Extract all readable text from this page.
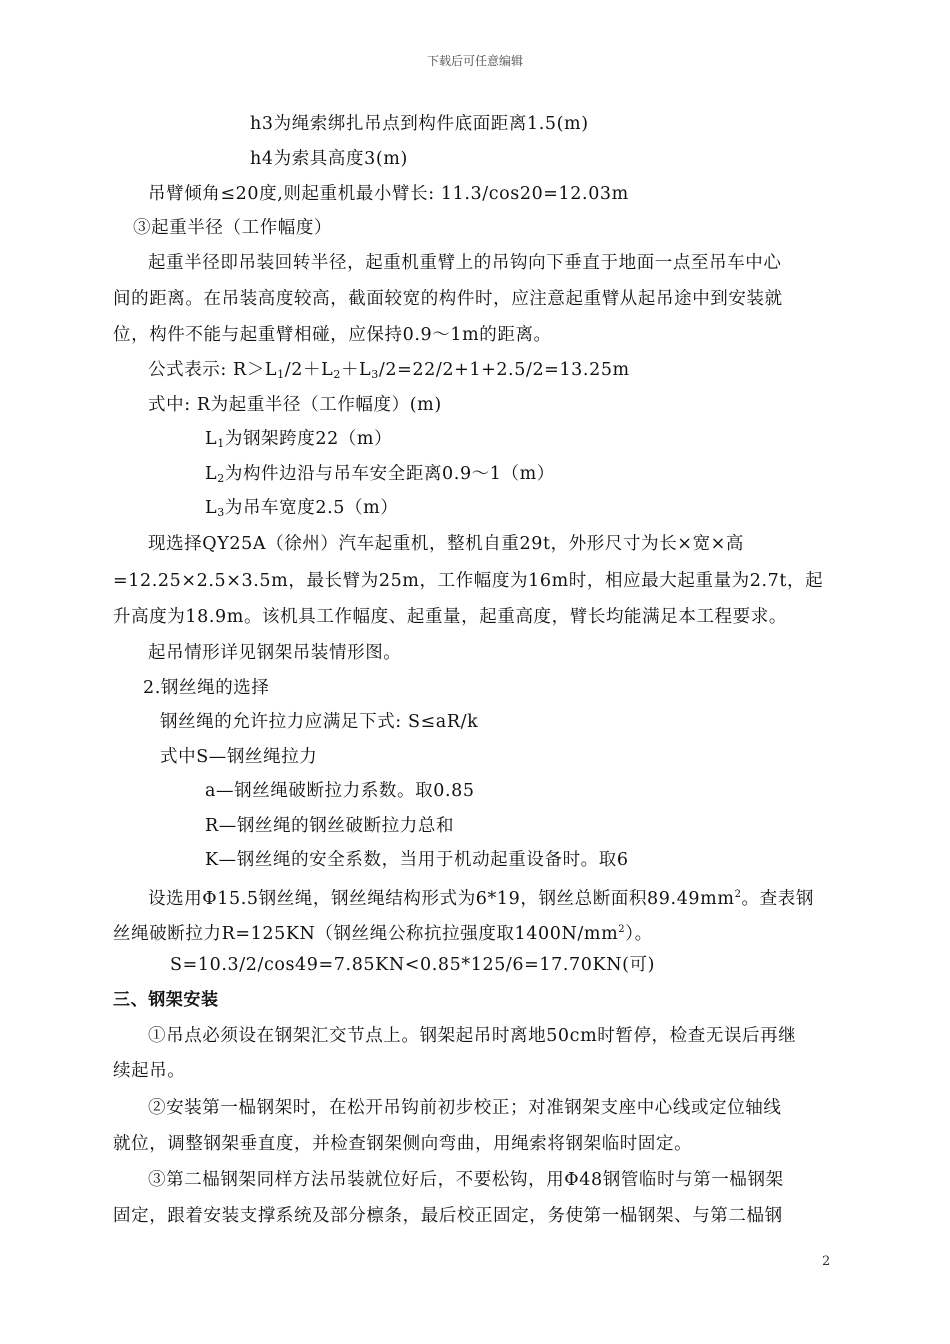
下载后可任意编辑
h3为绳索绑扎吊点到构件底面距离1.5(m)
h4为索具高度3(m)
吊臂倾角≤20度,则起重机最小臂长: 11.3/cos20=12.03m
③起重半径（工作幅度）
起重半径即吊装回转半径，起重机重臂上的吊钩向下垂直于地面一点至吊车中心
间的距离。在吊装高度较高，截面较宽的构件时，应注意起重臂从起吊途中到安装就
位，构件不能与起重臂相碰，应保持0.9～1m的距离。
公式表示: $R>L_1/2+L_2+L_3/2=22/2+1+2.5/2=13.25m$
式中: R为起重半径（工作幅度）(m)
$L_1$为钢架跨度22（m）
$L_2$为构件边沿与吊车安全距离0.9～1（m）
$L_3$为吊车宽度2.5（m）
现选择QY25A（徐州）汽车起重机，整机自重29t，外形尺寸为长×宽×高
=12.25×2.5×3.5m，最长臂为25m，工作幅度为16m时，相应最大起重量为2.7t，起
升高度为18.9m。该机具工作幅度、起重量，起重高度，臂长均能满足本工程要求。
起吊情形详见钢架吊装情形图。
2.钢丝绳的选择
钢丝绳的允许拉力应满足下式: S≤aR/k
式中S—钢丝绳拉力
a—钢丝绳破断拉力系数。取0.85
R—钢丝绳的钢丝破断拉力总和
K—钢丝绳的安全系数，当用于机动起重设备时。取6
设选用Φ15.5钢丝绳，钢丝绳结构形式为6*19，钢丝总断面积$89.49mm^2$。查表钢
丝绳破断拉力R=125KN（钢丝绳公称抗拉强度取$1400N/mm^2$）。
S=10.3/2/cos49=7.85KN<0.85*125/6=17.70KN(可)
三、钢架安装
①吊点必须设在钢架汇交节点上。钢架起吊时离地50cm时暂停，检查无误后再继
续起吊。
②安装第一榀钢架时，在松开吊钩前初步校正；对准钢架支座中心线或定位轴线
就位，调整钢架垂直度，并检查钢架侧向弯曲，用绳索将钢架临时固定。
③第二榀钢架同样方法吊装就位好后，不要松钩，用Φ48钢管临时与第一榀钢架
固定，跟着安装支撑系统及部分檩条，最后校正固定，务使第一榀钢架、与第二榀钢
2
